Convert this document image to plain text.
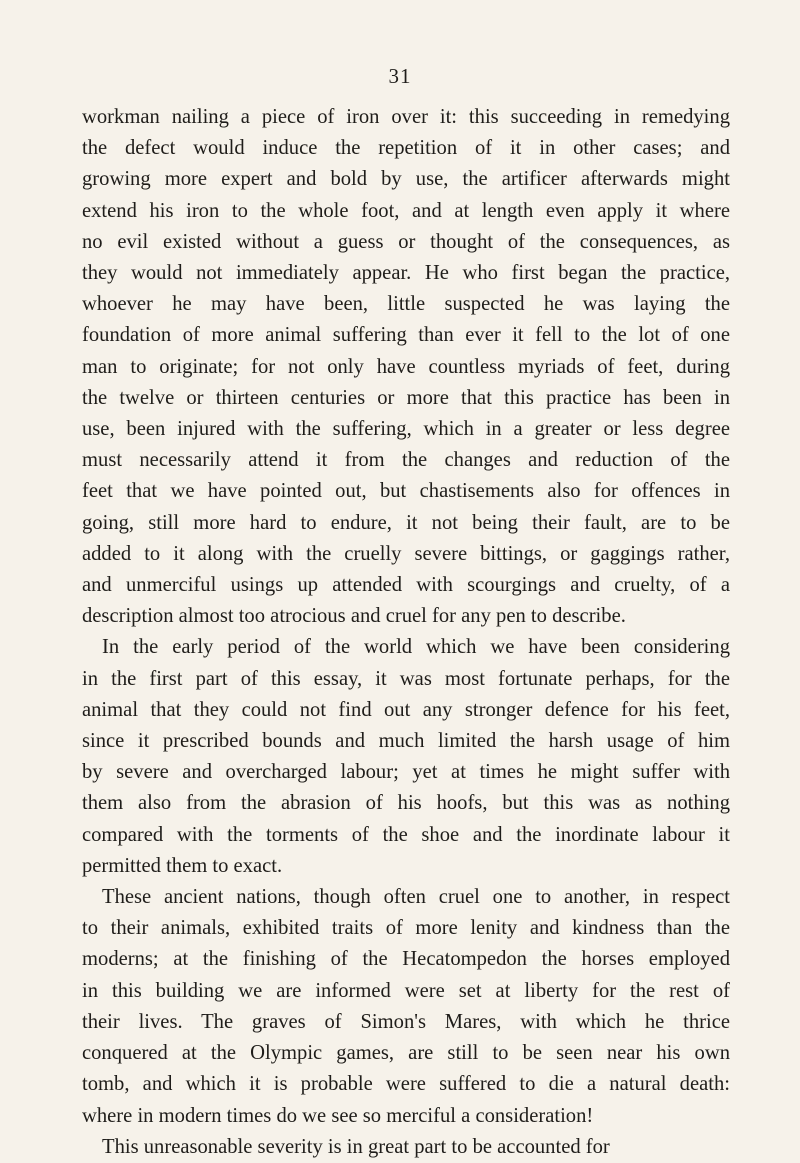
31
workman nailing a piece of iron over it: this succeeding in remedying
the defect would induce the repetition of it in other cases; and
growing more expert and bold by use, the artificer afterwards might
extend his iron to the whole foot, and at length even apply it where
no evil existed without a guess or thought of the consequences, as
they would not immediately appear. He who first began the practice,
whoever he may have been, little suspected he was laying the
foundation of more animal suffering than ever it fell to the lot of one
man to originate; for not only have countless myriads of feet, during
the twelve or thirteen centuries or more that this practice has been in
use, been injured with the suffering, which in a greater or less degree
must necessarily attend it from the changes and reduction of the
feet that we have pointed out, but chastisements also for offences in
going, still more hard to endure, it not being their fault, are to be
added to it along with the cruelly severe bittings, or gaggings rather,
and unmerciful usings up attended with scourgings and cruelty, of a
description almost too atrocious and cruel for any pen to describe.
In the early period of the world which we have been considering
in the first part of this essay, it was most fortunate perhaps, for the
animal that they could not find out any stronger defence for his feet,
since it prescribed bounds and much limited the harsh usage of him
by severe and overcharged labour; yet at times he might suffer with
them also from the abrasion of his hoofs, but this was as nothing
compared with the torments of the shoe and the inordinate labour it
permitted them to exact.
These ancient nations, though often cruel one to another, in respect
to their animals, exhibited traits of more lenity and kindness than the
moderns; at the finishing of the Hecatompedon the horses employed
in this building we are informed were set at liberty for the rest of
their lives. The graves of Simon's Mares, with which he thrice
conquered at the Olympic games, are still to be seen near his own
tomb, and which it is probable were suffered to die a natural death:
where in modern times do we see so merciful a consideration!
This unreasonable severity is in great part to be accounted for
